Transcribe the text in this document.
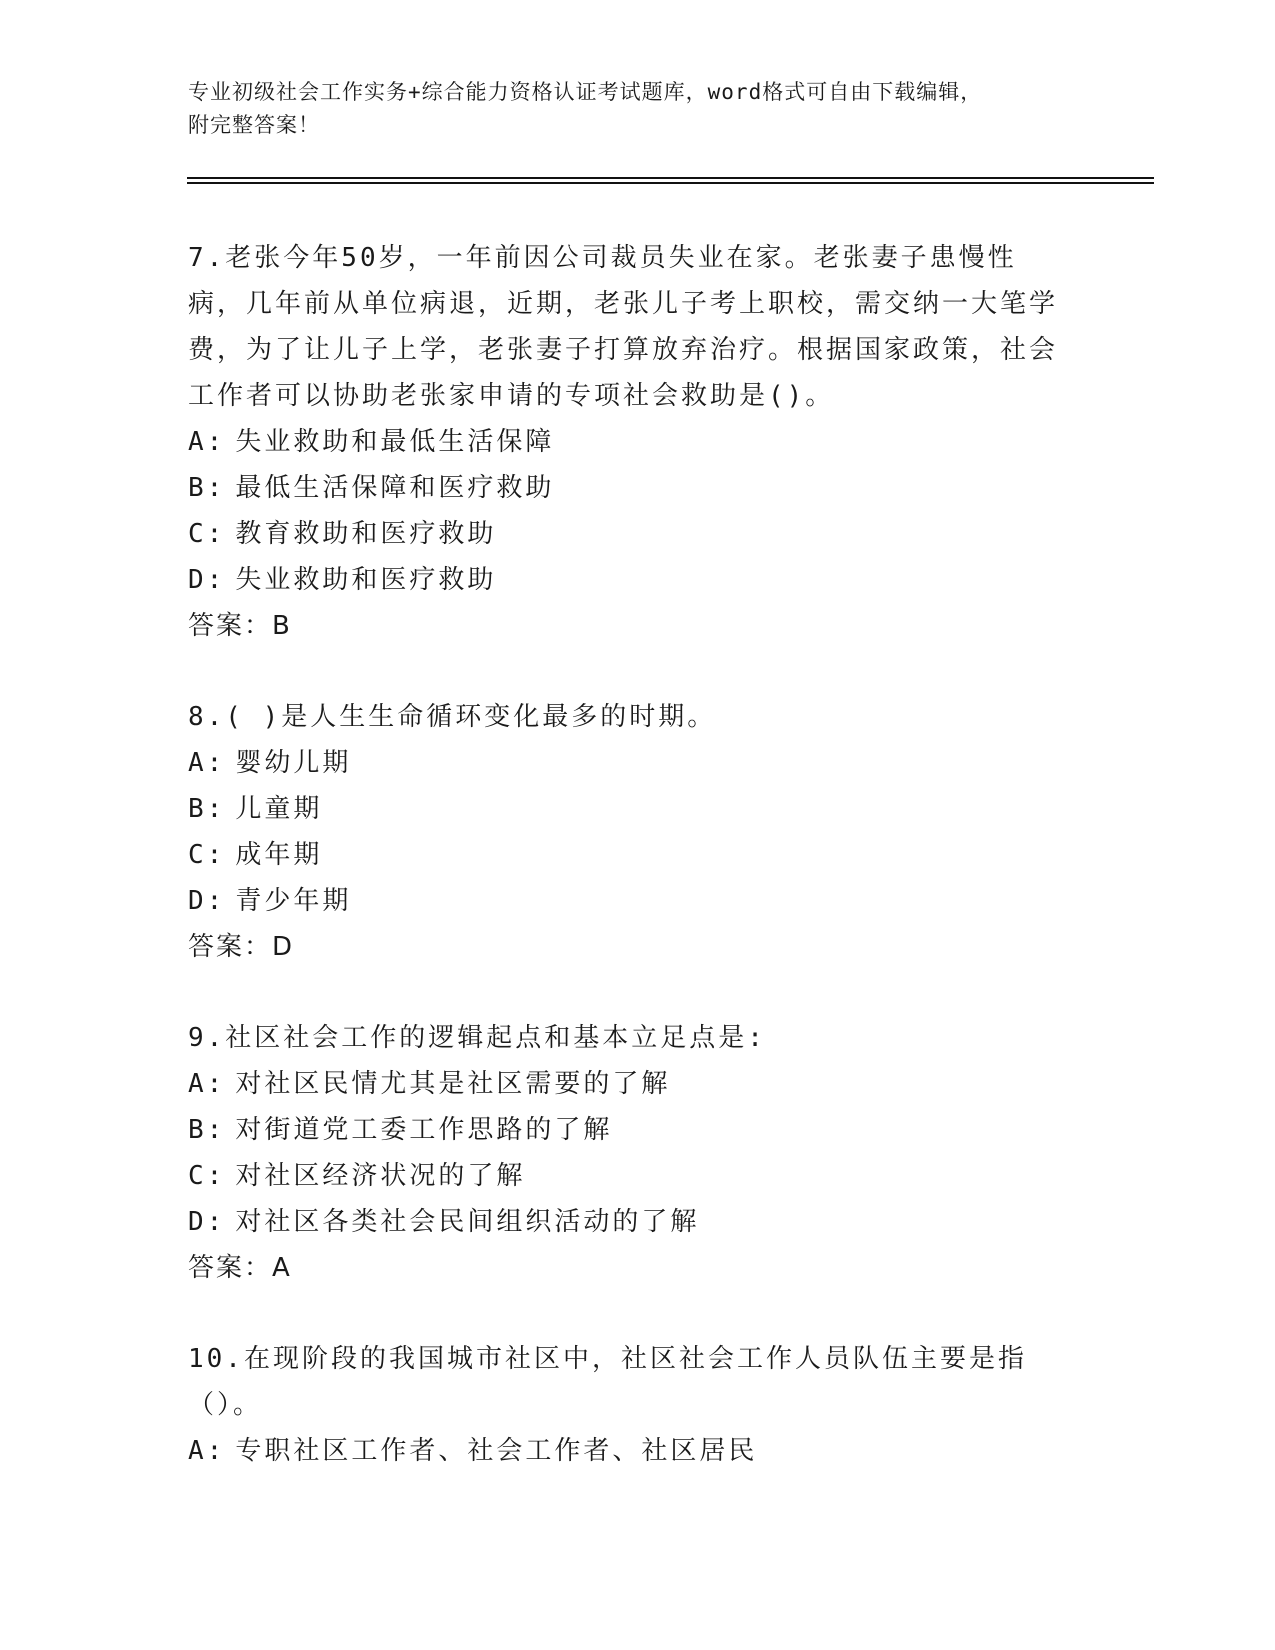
专业初级社会工作实务+综合能力资格认证考试题库，word格式可自由下载编辑，
附完整答案！

7.老张今年50岁，一年前因公司裁员失业在家。老张妻子患慢性病，几年前从单位病退，近期，老张儿子考上职校，需交纳一大笔学费，为了让儿子上学，老张妻子打算放弃治疗。根据国家政策，社会工作者可以协助老张家申请的专项社会救助是()。

A: 失业救助和最低生活保障

B: 最低生活保障和医疗救助

C: 教育救助和医疗救助

D: 失业救助和医疗救助

答案：B

8.( )是人生生命循环变化最多的时期。

A: 婴幼儿期

B: 儿童期

C: 成年期

D: 青少年期

答案：D

9.社区社会工作的逻辑起点和基本立足点是:

A: 对社区民情尤其是社区需要的了解

B: 对街道党工委工作思路的了解

C: 对社区经济状况的了解

D: 对社区各类社会民间组织活动的了解

答案：A

10.在现阶段的我国城市社区中，社区社会工作人员队伍主要是指（）。

A: 专职社区工作者、社会工作者、社区居民
